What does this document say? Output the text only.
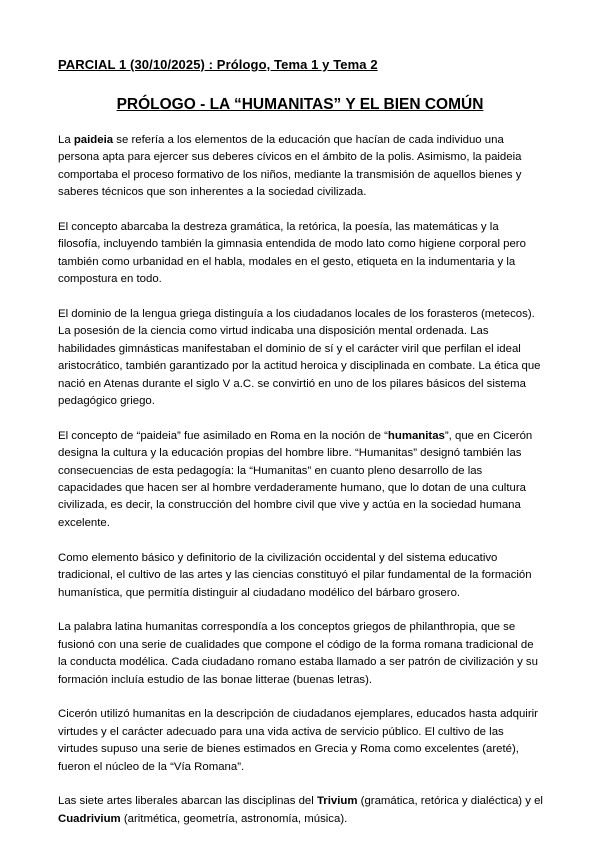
PARCIAL 1 (30/10/2025) : Prólogo, Tema 1 y Tema 2
PRÓLOGO - LA “HUMANITAS” Y EL BIEN COMÚN

La paideia se refería a los elementos de la educación que hacían de cada individuo una persona apta para ejercer sus deberes cívicos en el ámbito de la polis. Asimismo, la paideia comportaba el proceso formativo de los niños, mediante la transmisión de aquellos bienes y saberes técnicos que son inherentes a la sociedad civilizada.

El concepto abarcaba la destreza gramática, la retórica, la poesía, las matemáticas y la filosofía, incluyendo también la gimnasia entendida de modo lato como higiene corporal pero también como urbanidad en el habla, modales en el gesto, etiqueta en la indumentaria y la compostura en todo.

El dominio de la lengua griega distinguía a los ciudadanos locales de los forasteros (metecos). La posesión de la ciencia como virtud indicaba una disposición mental ordenada. Las habilidades gimnásticas manifestaban el dominio de sí y el carácter viril que perfilan el ideal aristocrático, también garantizado por la actitud heroica y disciplinada en combate. La ética que nació en Atenas durante el siglo V a.C. se convirtió en uno de los pilares básicos del sistema pedagógico griego.

El concepto de “paideia” fue asimilado en Roma en la noción de “humanitas”, que en Cicerón designa la cultura y la educación propias del hombre libre. “Humanitas” designó también las consecuencias de esta pedagogía: la “Humanitas” en cuanto pleno desarrollo de las capacidades que hacen ser al hombre verdaderamente humano, que lo dotan de una cultura civilizada, es decir, la construcción del hombre civil que vive y actúa en la sociedad humana excelente.

Como elemento básico y definitorio de la civilización occidental y del sistema educativo tradicional, el cultivo de las artes y las ciencias constituyó el pilar fundamental de la formación humanística, que permitía distinguir al ciudadano modélico del bárbaro grosero.

La palabra latina humanitas correspondía a los conceptos griegos de philanthropia, que se fusionó con una serie de cualidades que compone el código de la forma romana tradicional de la conducta modélica. Cada ciudadano romano estaba llamado a ser patrón de civilización y su formación incluía estudio de las bonae litterae (buenas letras).

Cicerón utilizó humanitas en la descripción de ciudadanos ejemplares, educados hasta adquirir virtudes y el carácter adecuado para una vida activa de servicio público. El cultivo de las virtudes supuso una serie de bienes estimados en Grecia y Roma como excelentes (areté), fueron el núcleo de la “Vía Romana”.

Las siete artes liberales abarcan las disciplinas del Trivium (gramática, retórica y dialéctica) y el Cuadrivium (aritmética, geometría, astronomía, música).
